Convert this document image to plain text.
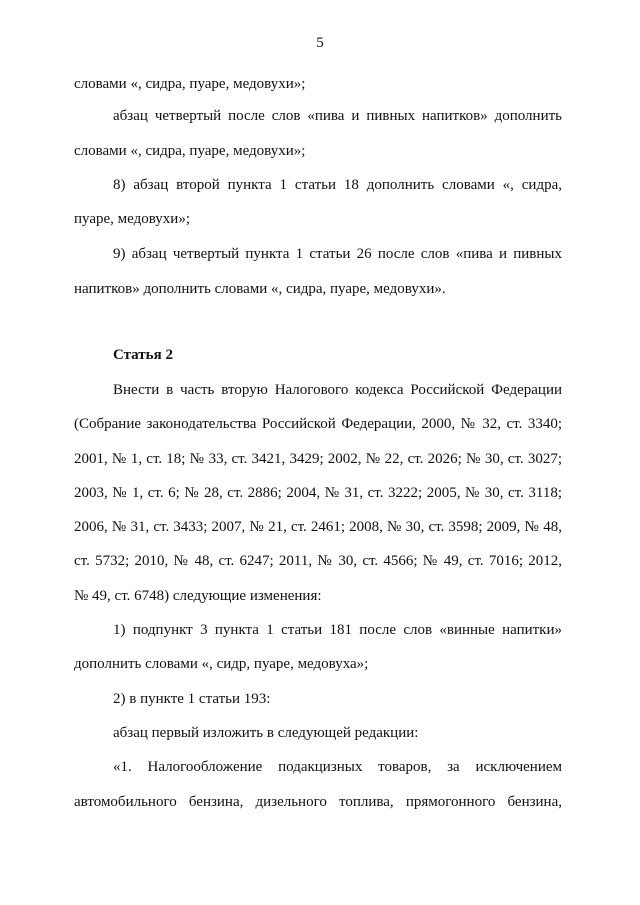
5
словами «, сидра, пуаре, медовухи»;
абзац четвертый после слов «пива и пивных напитков» дополнить
словами «, сидра, пуаре, медовухи»;
8) абзац второй пункта 1 статьи 18 дополнить словами «, сидра,
пуаре, медовухи»;
9) абзац четвертый пункта 1 статьи 26 после слов «пива и пивных
напитков» дополнить словами «, сидра, пуаре, медовухи».
Статья 2
Внести в часть вторую Налогового кодекса Российской Федерации
(Собрание законодательства Российской Федерации, 2000, № 32, ст. 3340;
2001, № 1, ст. 18; № 33, ст. 3421, 3429; 2002, № 22, ст. 2026; № 30, ст. 3027;
2003, № 1, ст. 6; № 28, ст. 2886; 2004, № 31, ст. 3222; 2005, № 30, ст. 3118;
2006, № 31, ст. 3433; 2007, № 21, ст. 2461; 2008, № 30, ст. 3598; 2009, № 48,
ст. 5732; 2010, № 48, ст. 6247; 2011, № 30, ст. 4566; № 49, ст. 7016; 2012,
№ 49, ст. 6748) следующие изменения:
1) подпункт 3 пункта 1 статьи 181 после слов «винные напитки»
дополнить словами «, сидр, пуаре, медовуха»;
2) в пункте 1 статьи 193:
абзац первый изложить в следующей редакции:
«1. Налогообложение подакцизных товаров, за исключением
автомобильного бензина, дизельного топлива, прямогонного бензина,
